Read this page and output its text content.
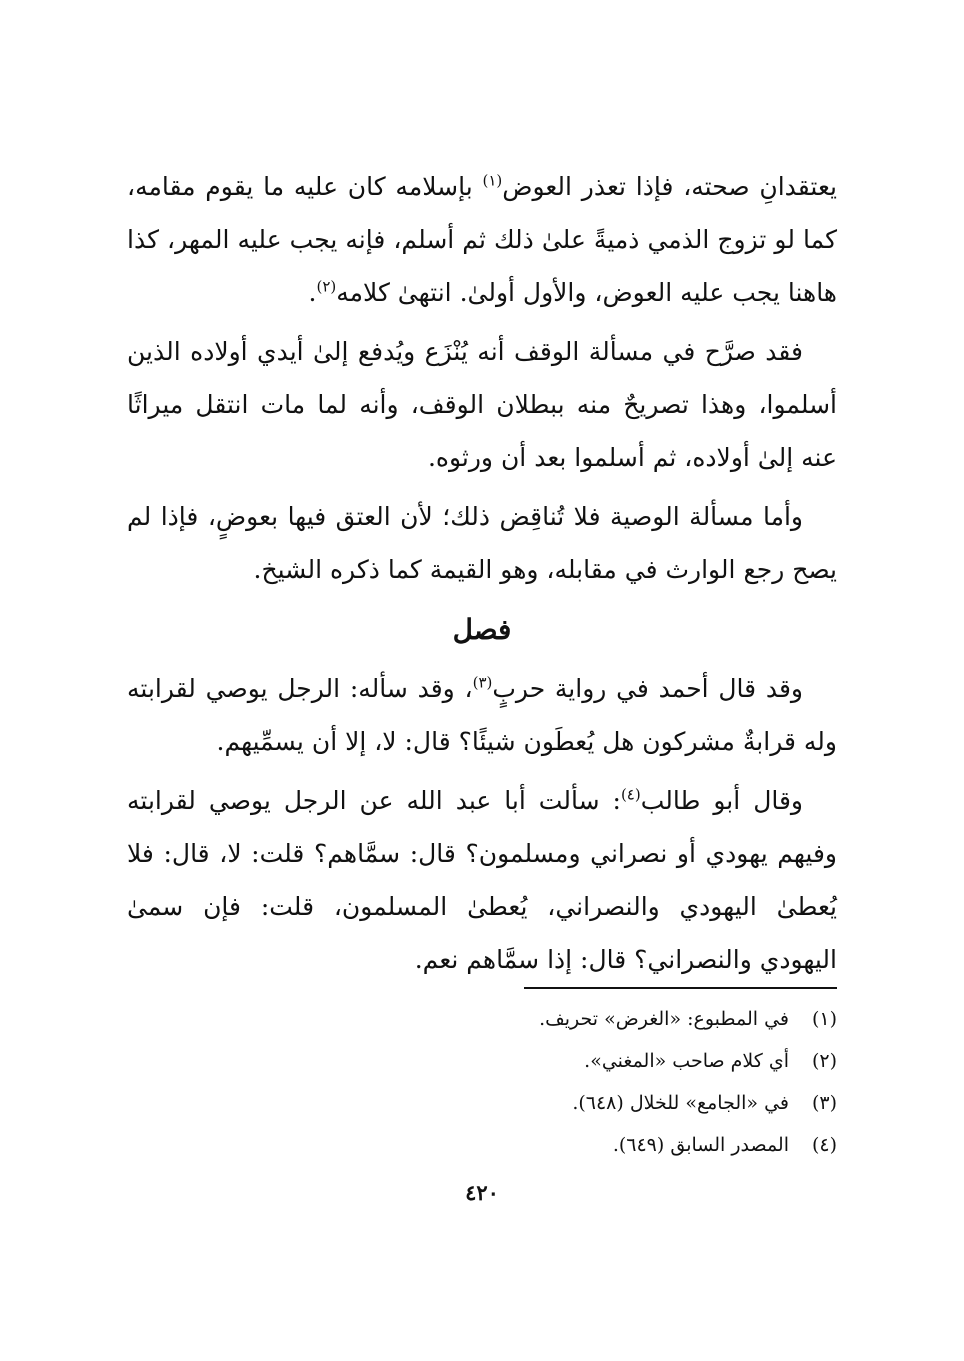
يعتقدانِ صحته، فإذا تعذر العوض$^{(١)}$ بإسلامه كان عليه ما يقوم مقامه، كما لو تزوج الذمي ذميةً علىٰ ذلك ثم أسلم، فإنه يجب عليه المهر، كذا هاهنا يجب عليه العوض، والأول أولىٰ. انتهىٰ كلامه$^{(٢)}$.

فقد صرَّح في مسألة الوقف أنه يُنْزَع ويُدفع إلىٰ أيدي أولاده الذين أسلموا، وهذا تصريحٌ منه ببطلان الوقف، وأنه لما مات انتقل ميراثًا عنه إلىٰ أولاده، ثم أسلموا بعد أن ورثوه.

وأما مسألة الوصية فلا تُناقِض ذلك؛ لأن العتق فيها بعوضٍ، فإذا لم يصح رجع الوارث في مقابله، وهو القيمة كما ذكره الشيخ.

فصل

وقد قال أحمد في رواية حربٍ$^{(٣)}$، وقد سأله: الرجل يوصي لقرابته وله قرابةٌ مشركون هل يُعطَون شيئًا؟ قال: لا، إلا أن يسمِّيهم.

وقال أبو طالب$^{(٤)}$: سألت أبا عبد الله عن الرجل يوصي لقرابته وفيهم يهودي أو نصراني ومسلمون؟ قال: سمَّاهم؟ قلت: لا، قال: فلا يُعطىٰ اليهودي والنصراني، يُعطىٰ المسلمون، قلت: فإن سمىٰ اليهودي والنصراني؟ قال: إذا سمَّاهم نعم.

(١)في المطبوع: «الغرض» تحريف.
(٢)أي كلام صاحب «المغني».
(٣)في «الجامع» للخلال (٦٤٨).
(٤)المصدر السابق (٦٤٩).
٤٢٠
